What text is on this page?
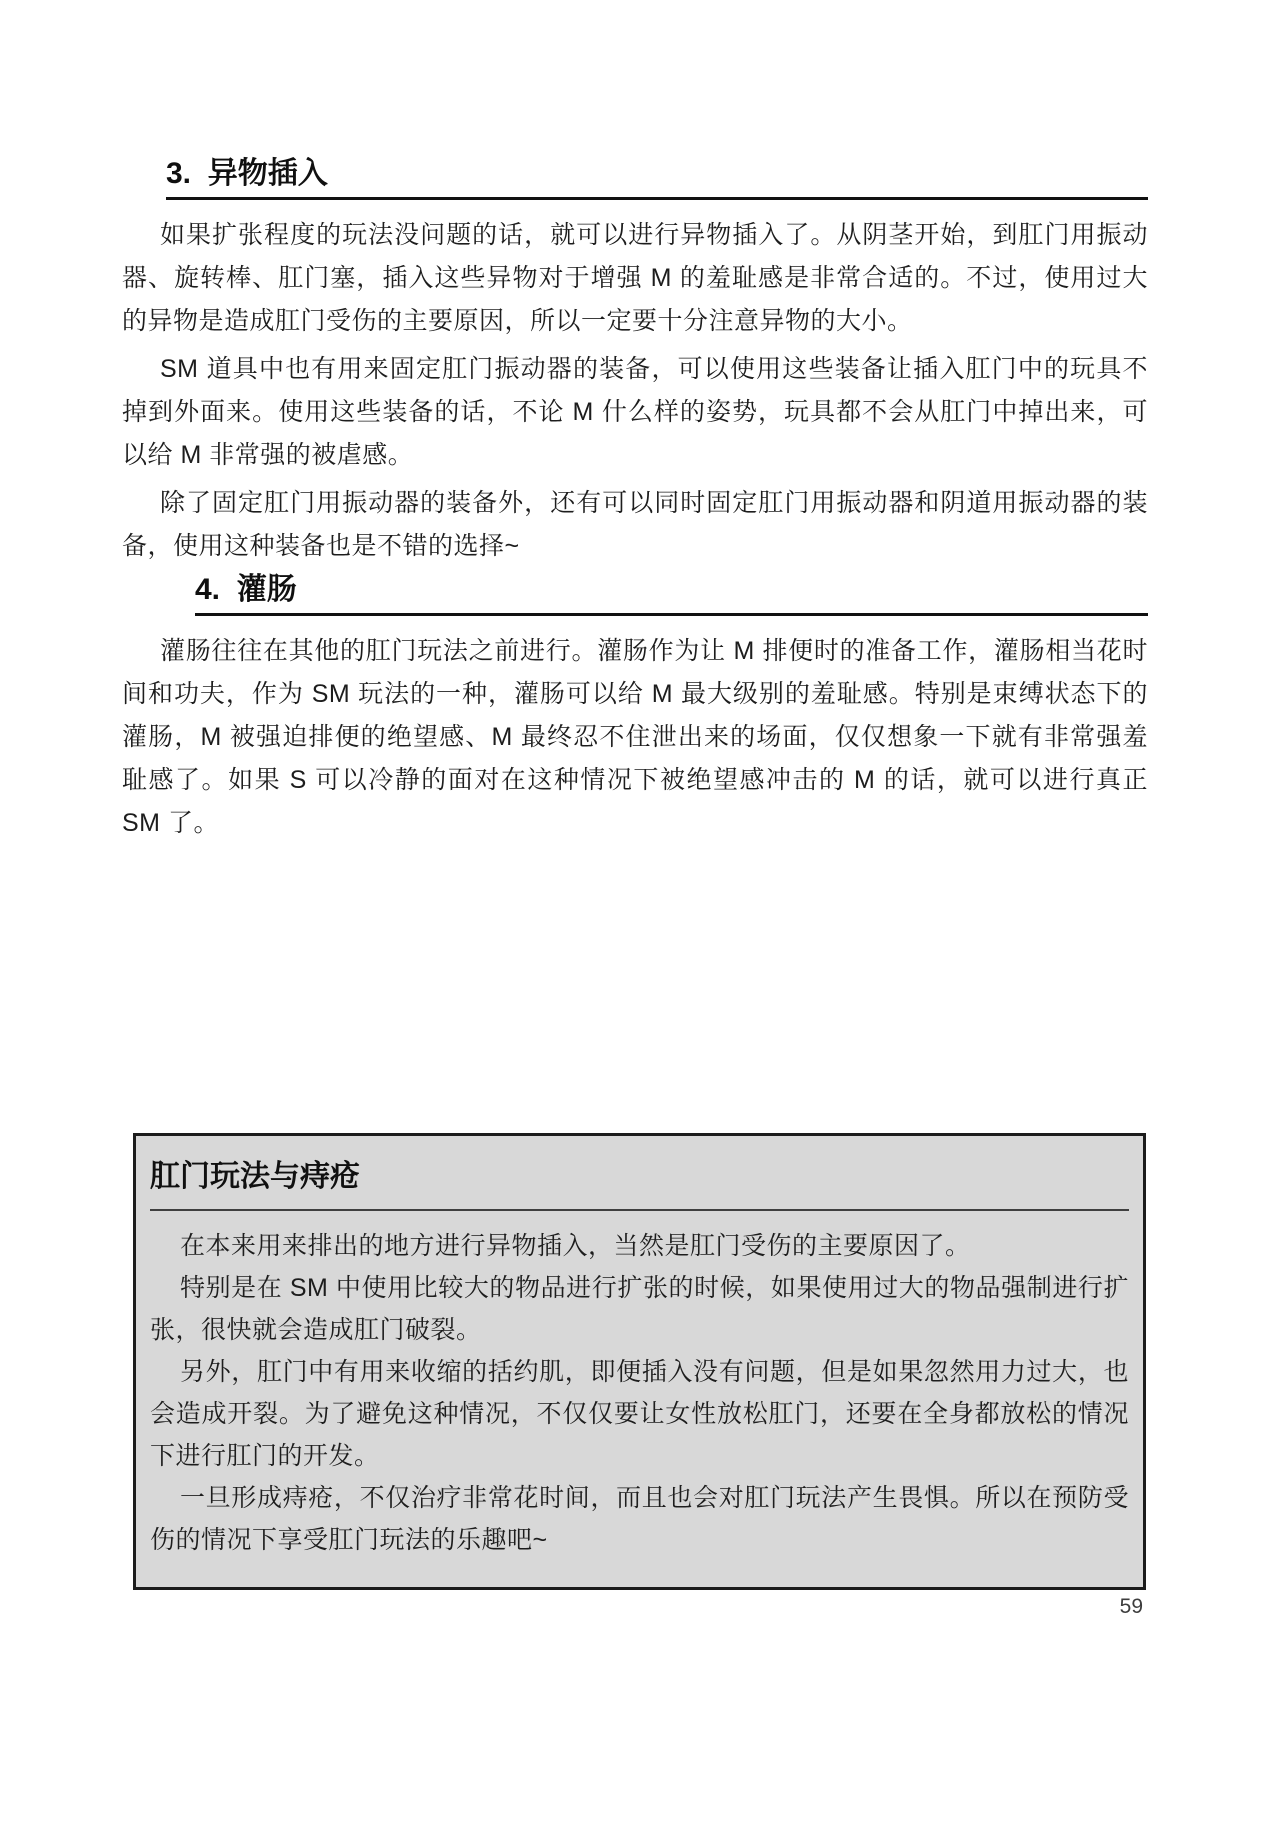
3.  异物插入

如果扩张程度的玩法没问题的话，就可以进行异物插入了。从阴茎开始，到肛门用振动器、旋转棒、肛门塞，插入这些异物对于增强 M 的羞耻感是非常合适的。不过，使用过大的异物是造成肛门受伤的主要原因，所以一定要十分注意异物的大小。

SM 道具中也有用来固定肛门振动器的装备，可以使用这些装备让插入肛门中的玩具不掉到外面来。使用这些装备的话，不论 M 什么样的姿势，玩具都不会从肛门中掉出来，可以给 M 非常强的被虐感。

除了固定肛门用振动器的装备外，还有可以同时固定肛门用振动器和阴道用振动器的装备，使用这种装备也是不错的选择~

4.  灌肠

灌肠往往在其他的肛门玩法之前进行。灌肠作为让 M 排便时的准备工作，灌肠相当花时间和功夫，作为 SM 玩法的一种，灌肠可以给 M 最大级别的羞耻感。特别是束缚状态下的灌肠，M 被强迫排便的绝望感、M 最终忍不住泄出来的场面，仅仅想象一下就有非常强羞耻感了。如果 S 可以冷静的面对在这种情况下被绝望感冲击的 M 的话，就可以进行真正 SM 了。

肛门玩法与痔疮

在本来用来排出的地方进行异物插入，当然是肛门受伤的主要原因了。

特别是在 SM 中使用比较大的物品进行扩张的时候，如果使用过大的物品强制进行扩张，很快就会造成肛门破裂。

另外，肛门中有用来收缩的括约肌，即便插入没有问题，但是如果忽然用力过大，也会造成开裂。为了避免这种情况，不仅仅要让女性放松肛门，还要在全身都放松的情况下进行肛门的开发。

一旦形成痔疮，不仅治疗非常花时间，而且也会对肛门玩法产生畏惧。所以在预防受伤的情况下享受肛门玩法的乐趣吧~

59
